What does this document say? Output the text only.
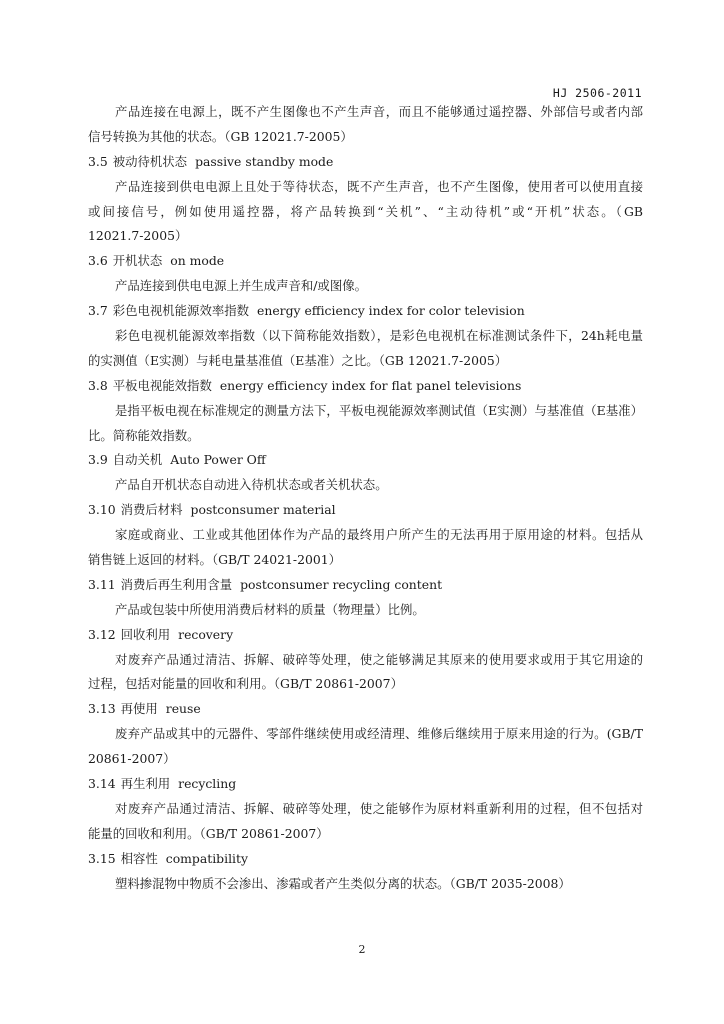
HJ 2506-2011
产品连接在电源上，既不产生图像也不产生声音，而且不能够通过遥控器、外部信号或者内部
信号转换为其他的状态。（GB 12021.7-2005）
3.5 被动待机状态 passive standby mode
产品连接到供电电源上且处于等待状态，既不产生声音，也不产生图像，使用者可以使用直接
或间接信号，例如使用遥控器，将产品转换到“关机”、“主动待机”或“开机”状态。（GB
12021.7-2005）
3.6 开机状态 on mode
产品连接到供电电源上并生成声音和/或图像。
3.7 彩色电视机能源效率指数 energy efficiency index for color television
彩色电视机能源效率指数（以下简称能效指数），是彩色电视机在标准测试条件下，24h耗电量
的实测值（E实测）与耗电量基准值（E基准）之比。（GB 12021.7-2005）
3.8 平板电视能效指数 energy efficiency index for flat panel televisions
是指平板电视在标准规定的测量方法下，平板电视能源效率测试值（E实测）与基准值（E基准）
比。简称能效指数。
3.9 自动关机 Auto Power Off
产品自开机状态自动进入待机状态或者关机状态。
3.10 消费后材料 postconsumer material
家庭或商业、工业或其他团体作为产品的最终用户所产生的无法再用于原用途的材料。包括从
销售链上返回的材料。（GB/T 24021-2001）
3.11 消费后再生利用含量 postconsumer recycling content
产品或包装中所使用消费后材料的质量（物理量）比例。
3.12 回收利用 recovery
对废弃产品通过清洁、拆解、破碎等处理，使之能够满足其原来的使用要求或用于其它用途的
过程，包括对能量的回收和利用。（GB/T 20861-2007）
3.13 再使用 reuse
废弃产品或其中的元器件、零部件继续使用或经清理、维修后继续用于原来用途的行为。(GB/T
20861-2007）
3.14 再生利用 recycling
对废弃产品通过清洁、拆解、破碎等处理，使之能够作为原材料重新利用的过程，但不包括对
能量的回收和利用。（GB/T 20861-2007）
3.15 相容性 compatibility
塑料掺混物中物质不会渗出、渗霜或者产生类似分离的状态。（GB/T 2035-2008）
2
